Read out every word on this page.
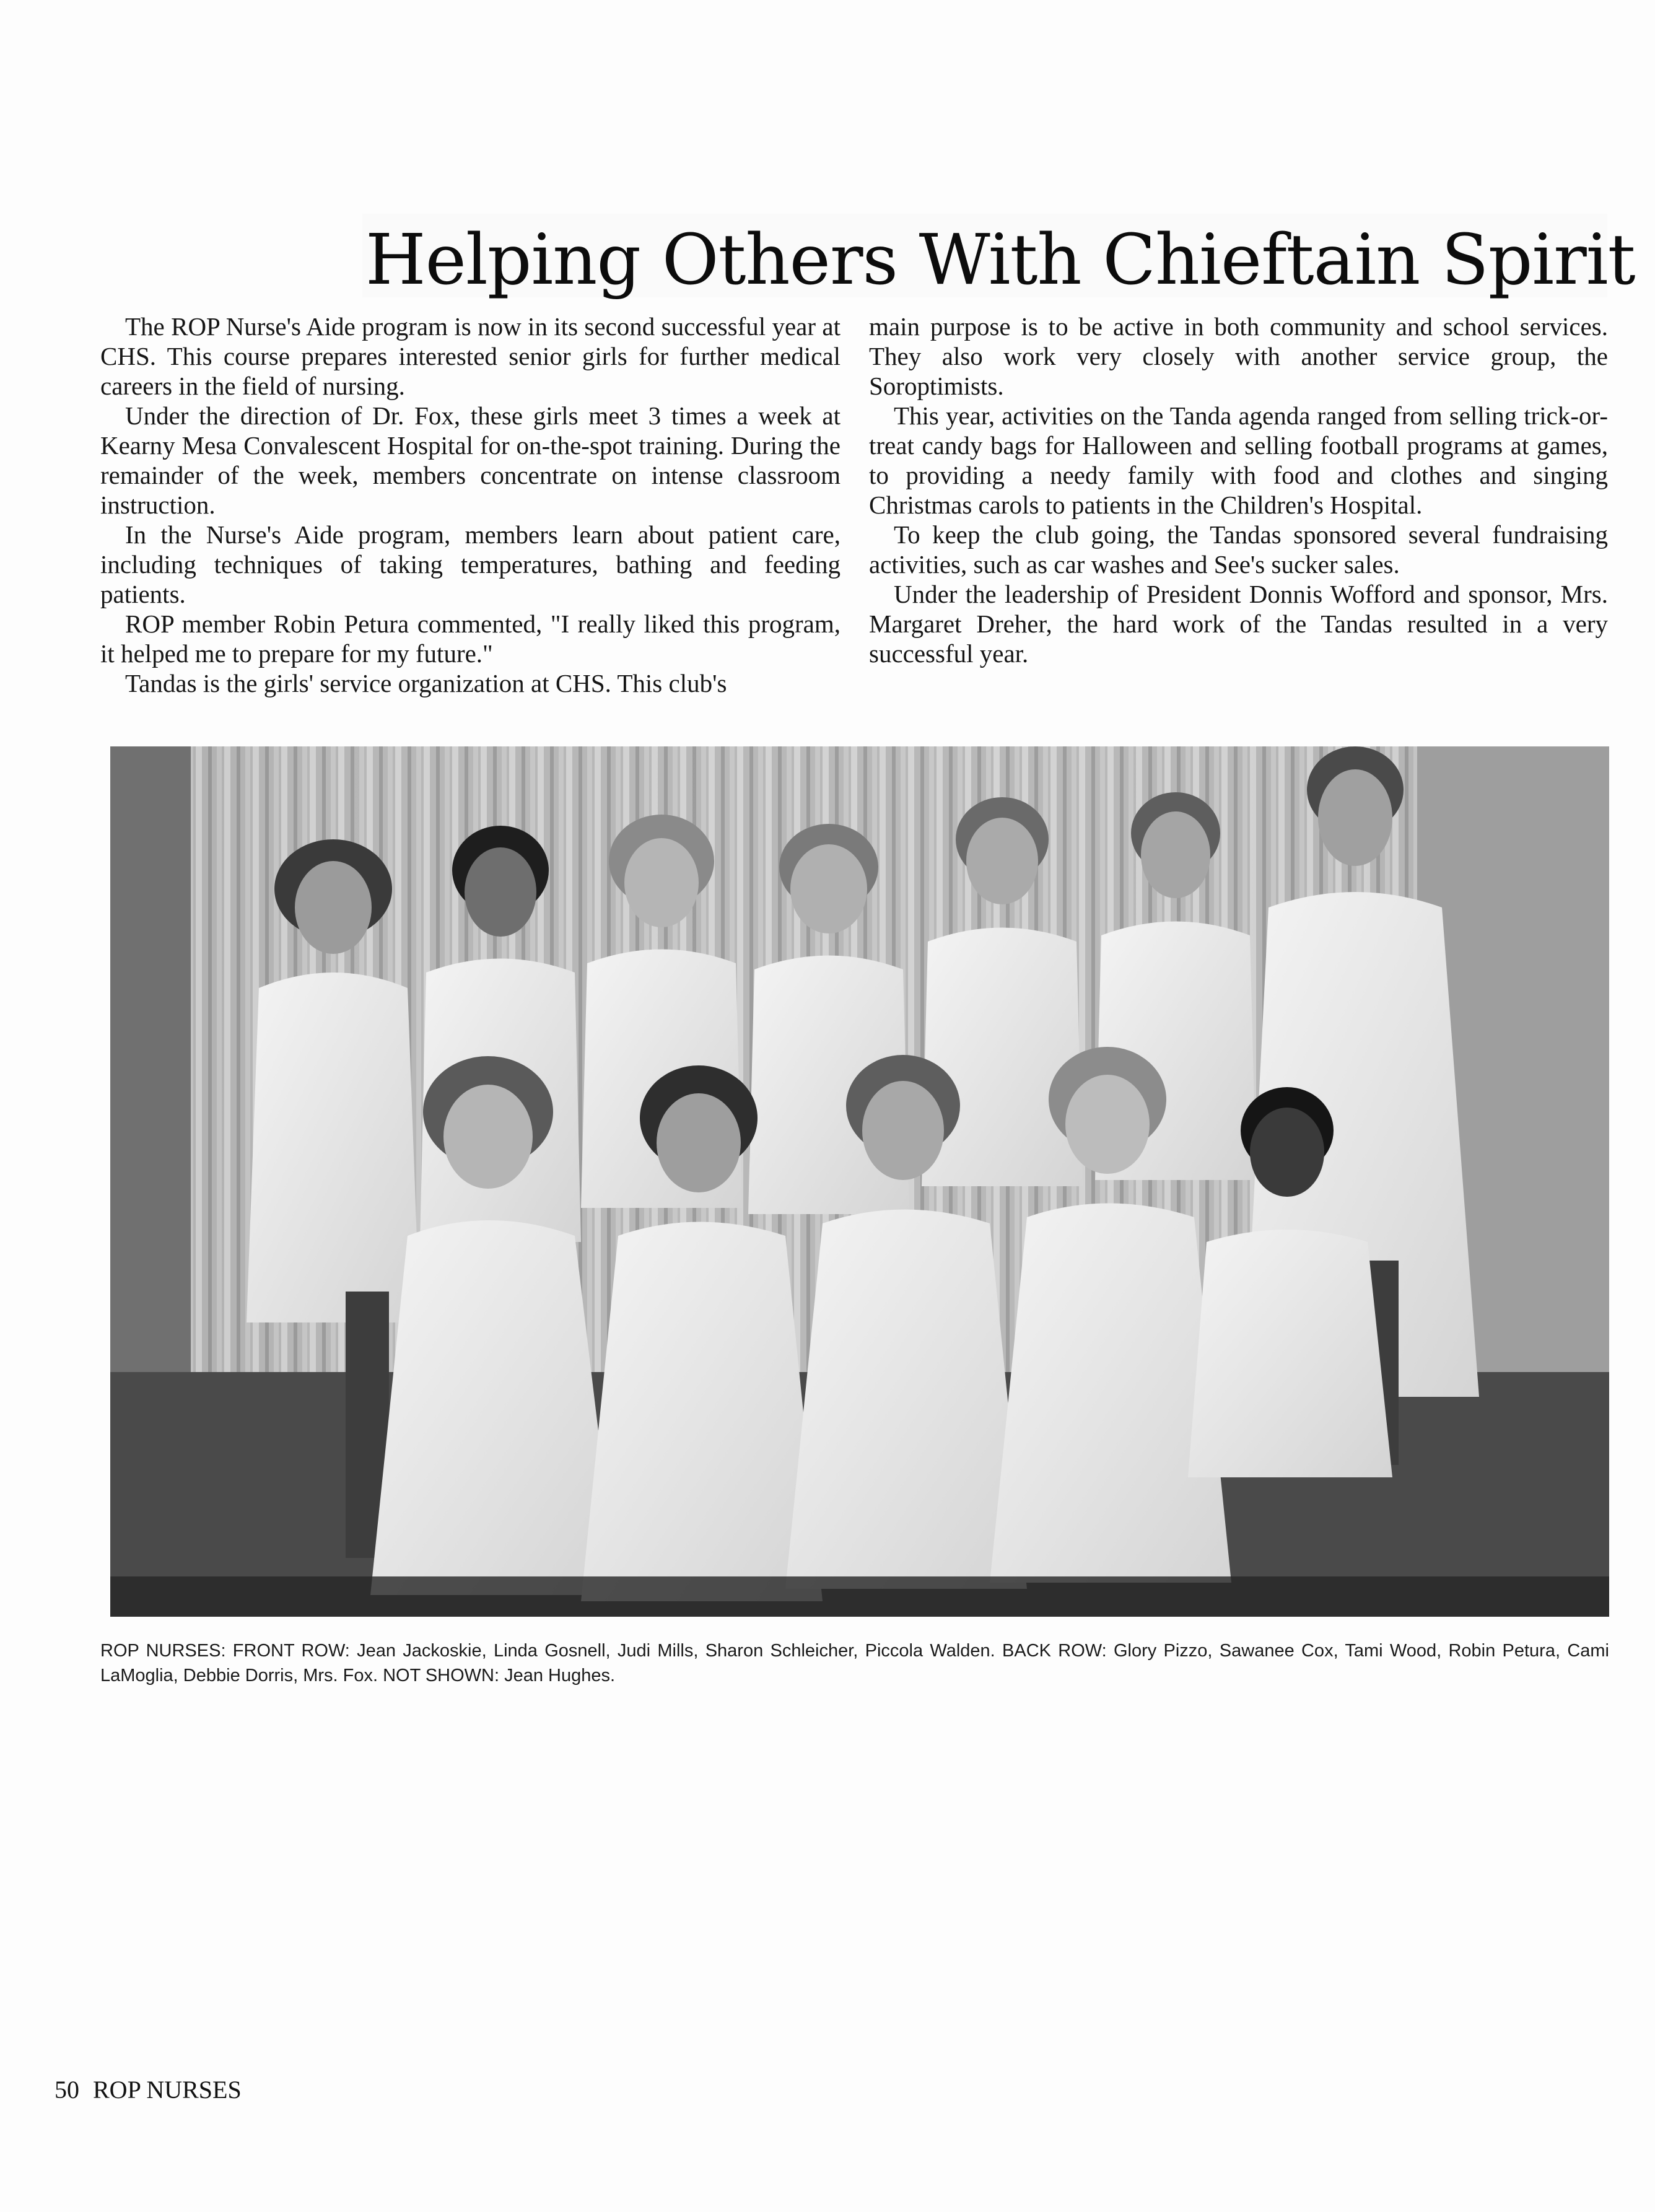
Helping Others With Chieftain Spirit

The ROP Nurse's Aide program is now in its second successful year at CHS. This course prepares interested senior girls for further medical careers in the field of nursing.

Under the direction of Dr. Fox, these girls meet 3 times a week at Kearny Mesa Convalescent Hospital for on-the-spot training. During the remainder of the week, members concentrate on intense classroom instruction.

In the Nurse's Aide program, members learn about patient care, including techniques of taking temperatures, bathing and feeding patients.

ROP member Robin Petura commented, "I really liked this program, it helped me to prepare for my future."

Tandas is the girls' service organization at CHS. This club's

main purpose is to be active in both community and school services. They also work very closely with another service group, the Soroptimists.

This year, activities on the Tanda agenda ranged from selling trick-or-treat candy bags for Halloween and selling football programs at games, to providing a needy family with food and clothes and singing Christmas carols to patients in the Children's Hospital.

To keep the club going, the Tandas sponsored several fundraising activities, such as car washes and See's sucker sales.

Under the leadership of President Donnis Wofford and sponsor, Mrs. Margaret Dreher, the hard work of the Tandas resulted in a very successful year.

ROP NURSES: FRONT ROW: Jean Jackoskie, Linda Gosnell, Judi Mills, Sharon Schleicher, Piccola Walden. BACK ROW: Glory Pizzo, Sawanee Cox, Tami Wood, Robin Petura, Cami LaMoglia, Debbie Dorris, Mrs. Fox. NOT SHOWN: Jean Hughes.
50 ROP NURSES
